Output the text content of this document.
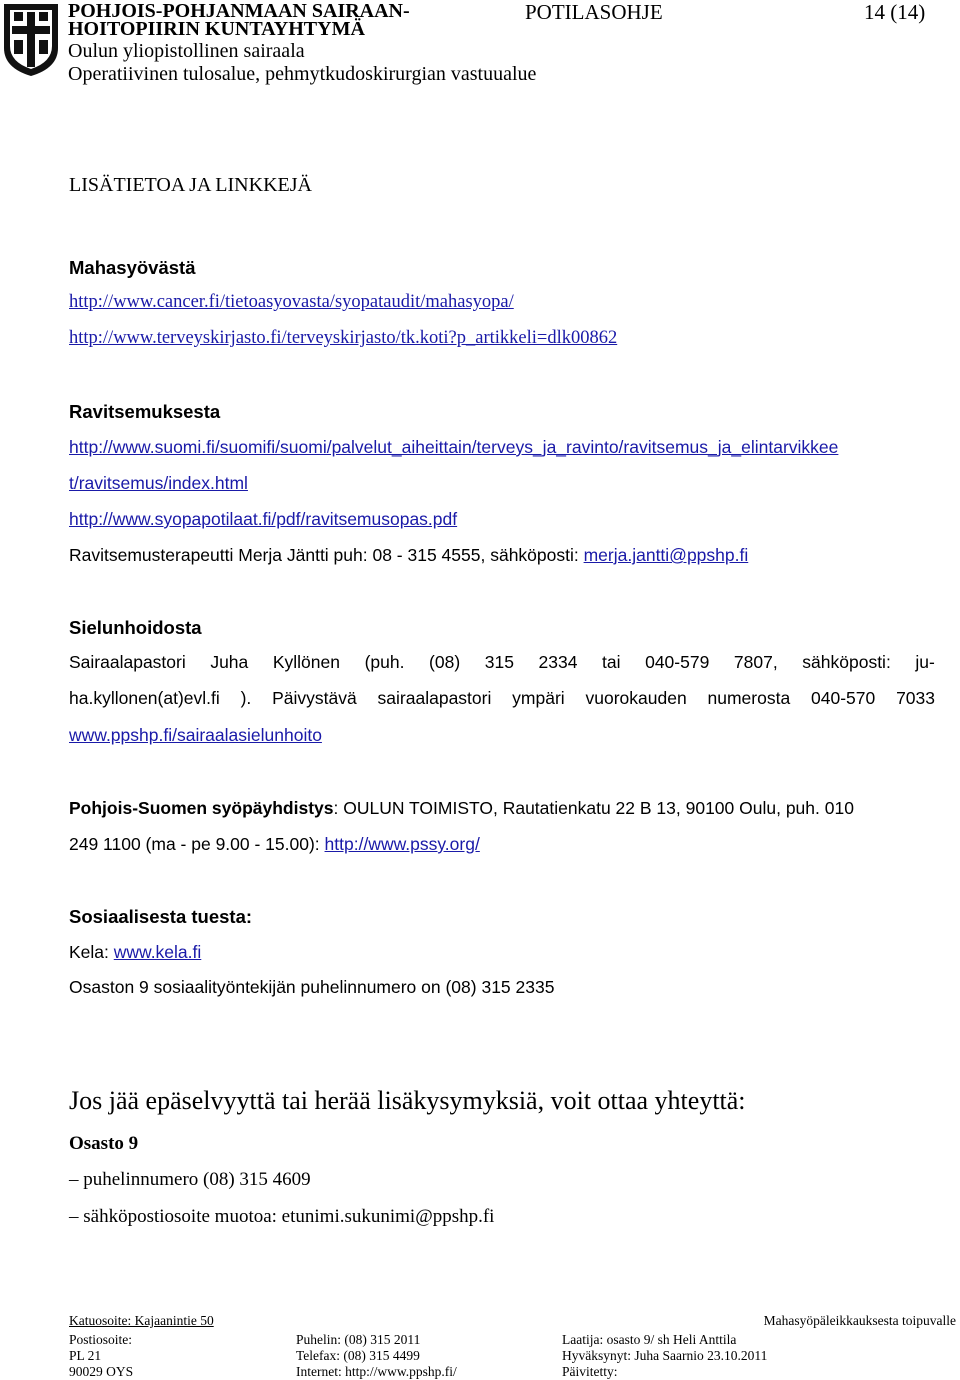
POHJOIS-POHJANMAAN SAIRAAN-
HOITOPIIRIN KUNTAYHTYMÄ
Oulun yliopistollinen sairaala
Operatiivinen tulosalue, pehmytkudoskirurgian vastuualue
POTILASOHJE	14 (14)
LISÄTIETOA JA LINKKEJÄ
Mahasyövästä
http://www.cancer.fi/tietoasyovasta/syopataudit/mahasyopa/
http://www.terveyskirjasto.fi/terveyskirjasto/tk.koti?p_artikkeli=dlk00862
Ravitsemuksesta
http://www.suomi.fi/suomifi/suomi/palvelut_aiheittain/terveys_ja_ravinto/ravitsemus_ja_elintarvikkee
t/ravitsemus/index.html
http://www.syopapotilaat.fi/pdf/ravitsemusopas.pdf
Ravitsemusterapeutti Merja Jäntti puh: 08 - 315 4555, sähköposti: merja.jantti@ppshp.fi
Sielunhoidosta
Sairaalapastori Juha Kyllönen (puh. (08) 315 2334 tai 040-579 7807, sähköposti: ju-
ha.kyllonen(at)evl.fi ). Päivystävä sairaalapastori ympäri vuorokauden numerosta 040-570 7033
www.ppshp.fi/sairaalasielunhoito
Pohjois-Suomen syöpäyhdistys: OULUN TOIMISTO, Rautatienkatu 22 B 13, 90100 Oulu, puh. 010
249 1100 (ma - pe 9.00 - 15.00): http://www.pssy.org/
Sosiaalisesta tuesta:
Kela: www.kela.fi
Osaston 9 sosiaalityöntekijän puhelinnumero on (08) 315 2335
Jos jää epäselvyyttä tai herää lisäkysymyksiä, voit ottaa yhteyttä:
Osasto 9
– puhelinnumero (08) 315 4609
– sähköpostiosoite muotoa: etunimi.sukunimi@ppshp.fi
Katuosoite: Kajaanintie 50
Postiosoite:
PL 21
90029 OYS
Puhelin: (08) 315 2011
Telefax: (08) 315 4499
Internet: http://www.ppshp.fi/
Mahasyöpäleikkauksesta toipuvalle
Laatija: osasto 9/ sh Heli Anttila
Hyväksynyt: Juha Saarnio 23.10.2011
Päivitetty:
